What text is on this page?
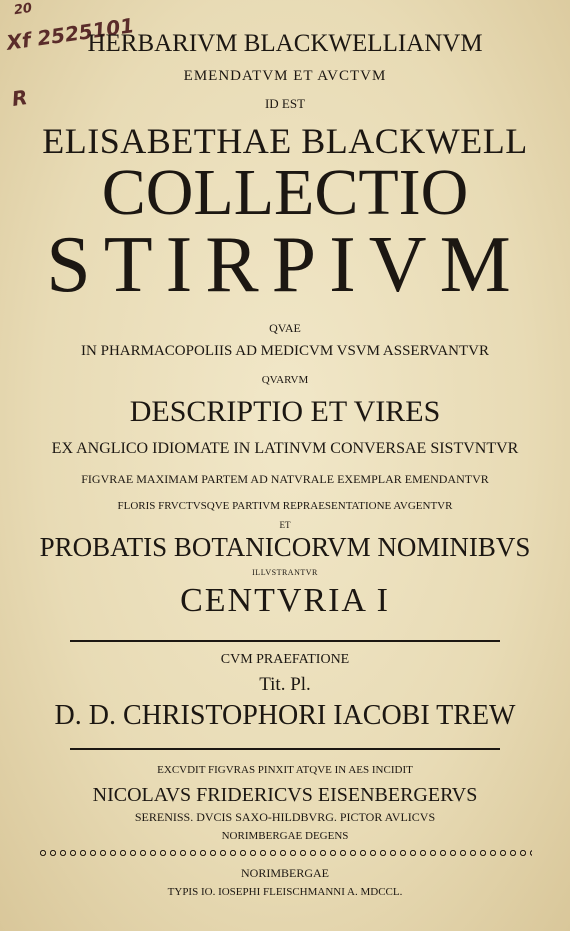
Xf 2525101
20
R
HERBARIVM BLACKWELLIANVM
EMENDATVM ET AVCTVM
ID EST
ELISABETHAE BLACKWELL
COLLECTIO
STIRPIVM
QVAE
IN PHARMACOPOLIIS AD MEDICVM VSVM ASSERVANTVR
QVARVM
DESCRIPTIO ET VIRES
EX ANGLICO IDIOMATE IN LATINVM CONVERSAE SISTVNTVR
FIGVRAE MAXIMAM PARTEM AD NATVRALE EXEMPLAR EMENDANTVR
FLORIS FRVCTVSQVE PARTIVM REPRAESENTATIONE AVGENTVR
ET
PROBATIS BOTANICORVM NOMINIBVS
ILLVSTRANTVR
CENTVRIA I
CVM PRAEFATIONE
Tit. Pl.
D. D. CHRISTOPHORI IACOBI TREW
EXCVDIT FIGVRAS PINXIT ATQVE IN AES INCIDIT
NICOLAVS FRIDERICVS EISENBERGERVS
SERENISS. DVCIS SAXO-HILDBVRG. PICTOR AVLICVS
NORIMBERGAE DEGENS
NORIMBERGAE
TYPIS IO. IOSEPHI FLEISCHMANNI A. MDCCL.
